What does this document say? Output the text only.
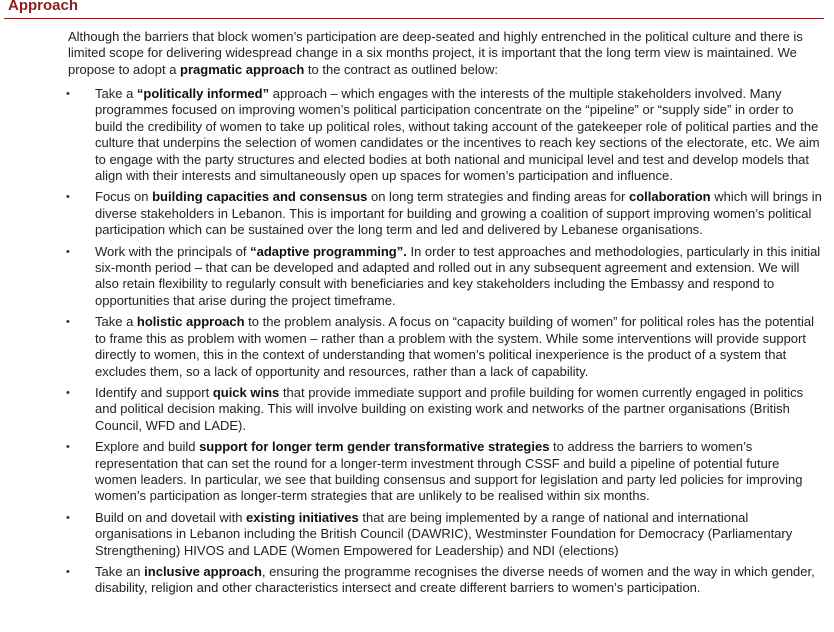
Approach

Although the barriers that block women’s participation are deep-seated and highly entrenched in the political culture and there is limited scope for delivering widespread change in a six months project, it is important that the long term view is maintained. We propose to adopt a pragmatic approach to the contract as outlined below:

• Take a “politically informed” approach – which engages with the interests of the multiple stakeholders involved. Many programmes focused on improving women’s political participation concentrate on the “pipeline” or “supply side” in order to build the credibility of women to take up political roles, without taking account of the gatekeeper role of political parties and the culture that underpins the selection of women candidates or the incentives to reach key sections of the electorate, etc. We aim to engage with the party structures and elected bodies at both national and municipal level and test and develop models that align with their interests and simultaneously open up spaces for women’s participation and influence.
• Focus on building capacities and consensus on long term strategies and finding areas for collaboration which will brings in diverse stakeholders in Lebanon. This is important for building and growing a coalition of support improving women’s political participation which can be sustained over the long term and led and delivered by Lebanese organisations.
• Work with the principals of “adaptive programming”. In order to test approaches and methodologies, particularly in this initial six-month period – that can be developed and adapted and rolled out in any subsequent agreement and extension. We will also retain flexibility to regularly consult with beneficiaries and key stakeholders including the Embassy and respond to opportunities that arise during the project timeframe.
• Take a holistic approach to the problem analysis. A focus on “capacity building of women” for political roles has the potential to frame this as problem with women – rather than a problem with the system. While some interventions will provide support directly to women, this in the context of understanding that women’s political inexperience is the product of a system that excludes them, so a lack of opportunity and resources, rather than a lack of capability.
• Identify and support quick wins that provide immediate support and profile building for women currently engaged in politics and political decision making. This will involve building on existing work and networks of the partner organisations (British Council, WFD and LADE).
• Explore and build support for longer term gender transformative strategies to address the barriers to women’s representation that can set the round for a longer-term investment through CSSF and build a pipeline of potential future women leaders. In particular, we see that building consensus and support for legislation and party led policies for improving women’s participation as longer-term strategies that are unlikely to be realised within six months.
• Build on and dovetail with existing initiatives that are being implemented by a range of national and international organisations in Lebanon including the British Council (DAWRIC), Westminster Foundation for Democracy (Parliamentary Strengthening) HIVOS and LADE (Women Empowered for Leadership) and NDI (elections)
• Take an inclusive approach, ensuring the programme recognises the diverse needs of women and the way in which gender, disability, religion and other characteristics intersect and create different barriers to women’s participation.
